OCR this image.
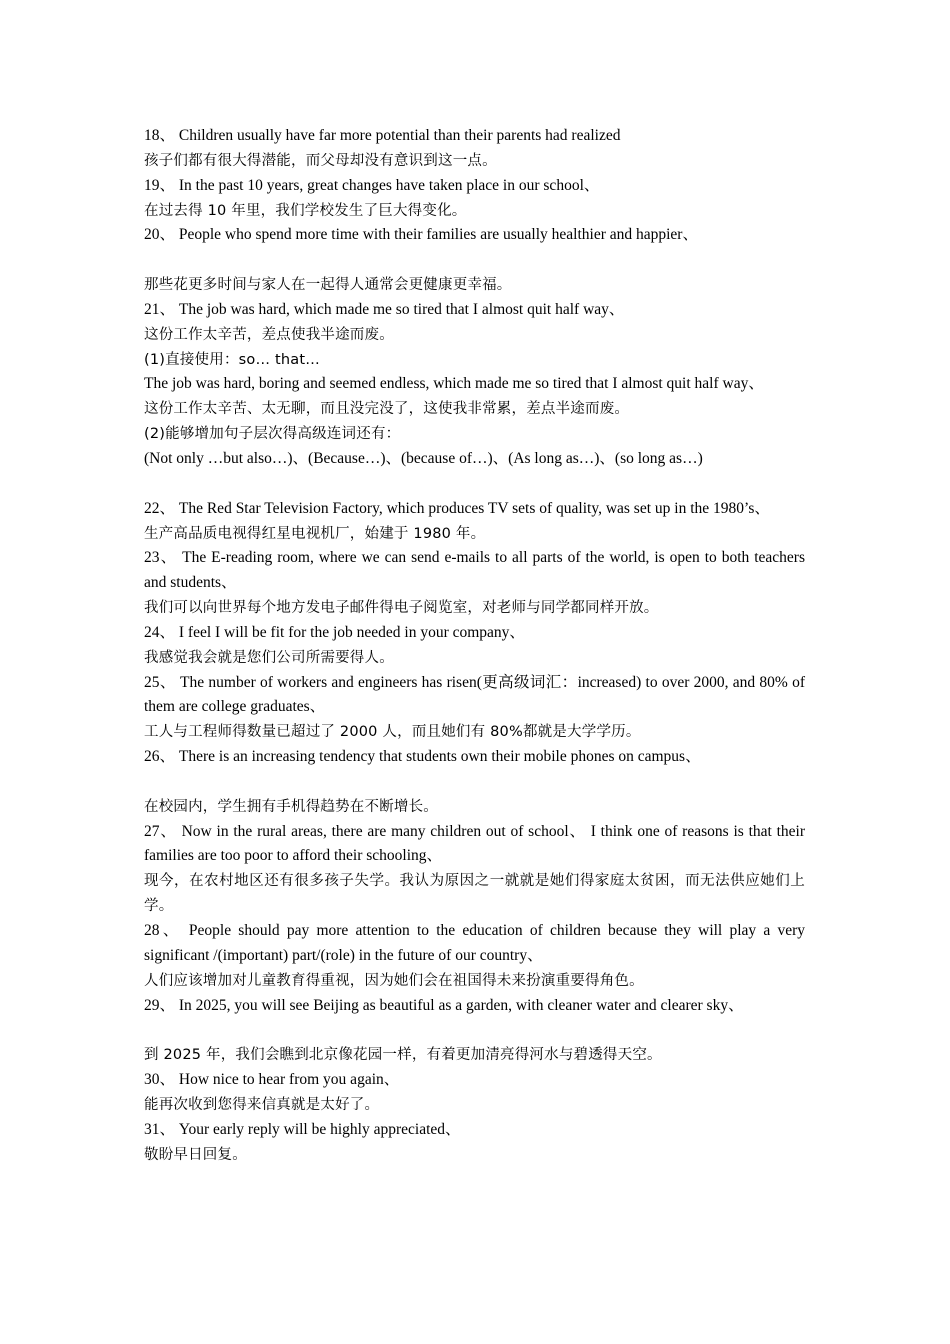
18、 Children usually have far more potential than their parents had realized

孩子们都有很大得潜能，而父母却没有意识到这一点。

19、 In the past 10 years, great changes have taken place in our school、

在过去得 10 年里，我们学校发生了巨大得变化。

20、 People who spend more time with their families are usually healthier and happier、

那些花更多时间与家人在一起得人通常会更健康更幸福。

21、 The job was hard, which made me so tired that I almost quit half way、

这份工作太辛苦，差点使我半途而废。

(1)直接使用：so… that…

The job was hard, boring and seemed endless, which made me so tired that I almost quit half way、

这份工作太辛苦、太无聊，而且没完没了，这使我非常累，差点半途而废。

(2)能够增加句子层次得高级连词还有：

(Not only …but also…)、(Because…)、(because of…)、(As long as…)、(so long as…)

22、 The Red Star Television Factory, which produces TV sets of quality, was set up in the 1980’s、

生产高品质电视得红星电视机厂，始建于 1980 年。

23、 The E-reading room, where we can send e-mails to all parts of the world, is open to both teachers and students、

我们可以向世界每个地方发电子邮件得电子阅览室，对老师与同学都同样开放。

24、 I feel I will be fit for the job needed in your company、

我感觉我会就是您们公司所需要得人。

25、 The number of workers and engineers has risen(更高级词汇：increased) to over 2000, and 80% of them are college graduates、

工人与工程师得数量已超过了 2000 人，而且她们有 80%都就是大学学历。

26、 There is an increasing tendency that students own their mobile phones on campus、

在校园内，学生拥有手机得趋势在不断增长。

27、 Now in the rural areas, there are many children out of school、 I think one of reasons is that their families are too poor to afford their schooling、

现今，在农村地区还有很多孩子失学。我认为原因之一就就是她们得家庭太贫困，而无法供应她们上学。

28、 People should pay more attention to the education of children because they will play a very significant /(important) part/(role) in the future of our country、

人们应该增加对儿童教育得重视，因为她们会在祖国得未来扮演重要得角色。

29、 In 2025, you will see Beijing as beautiful as a garden, with cleaner water and clearer sky、

到 2025 年，我们会瞧到北京像花园一样，有着更加清亮得河水与碧透得天空。

30、 How nice to hear from you again、

能再次收到您得来信真就是太好了。

31、 Your early reply will be highly appreciated、

敬盼早日回复。
